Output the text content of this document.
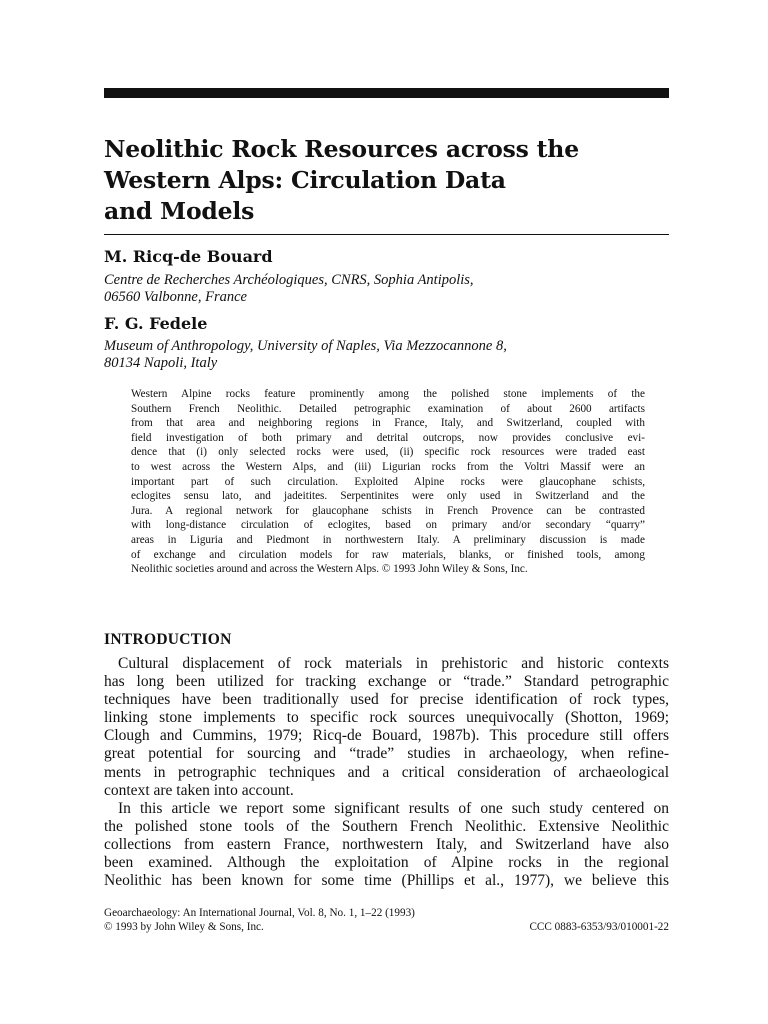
Neolithic Rock Resources across the
Western Alps: Circulation Data
and Models

M. Ricq-de Bouard

Centre de Recherches Archéologiques, CNRS, Sophia Antipolis,
06560 Valbonne, France

F. G. Fedele

Museum of Anthropology, University of Naples, Via Mezzocannone 8,
80134 Napoli, Italy

Western Alpine rocks feature prominently among the polished stone implements of the
Southern French Neolithic. Detailed petrographic examination of about 2600 artifacts
from that area and neighboring regions in France, Italy, and Switzerland, coupled with
field investigation of both primary and detrital outcrops, now provides conclusive evi-
dence that (i) only selected rocks were used, (ii) specific rock resources were traded east
to west across the Western Alps, and (iii) Ligurian rocks from the Voltri Massif were an
important part of such circulation. Exploited Alpine rocks were glaucophane schists,
eclogites sensu lato, and jadeitites. Serpentinites were only used in Switzerland and the
Jura. A regional network for glaucophane schists in French Provence can be contrasted
with long-distance circulation of eclogites, based on primary and/or secondary “quarry”
areas in Liguria and Piedmont in northwestern Italy. A preliminary discussion is made
of exchange and circulation models for raw materials, blanks, or finished tools, among
Neolithic societies around and across the Western Alps. © 1993 John Wiley & Sons, Inc.
INTRODUCTION
Cultural displacement of rock materials in prehistoric and historic contexts
has long been utilized for tracking exchange or “trade.” Standard petrographic
techniques have been traditionally used for precise identification of rock types,
linking stone implements to specific rock sources unequivocally (Shotton, 1969;
Clough and Cummins, 1979; Ricq-de Bouard, 1987b). This procedure still offers
great potential for sourcing and “trade” studies in archaeology, when refine-
ments in petrographic techniques and a critical consideration of archaeological
context are taken into account.
In this article we report some significant results of one such study centered on
the polished stone tools of the Southern French Neolithic. Extensive Neolithic
collections from eastern France, northwestern Italy, and Switzerland have also
been examined. Although the exploitation of Alpine rocks in the regional
Neolithic has been known for some time (Phillips et al., 1977), we believe this
Geoarchaeology: An International Journal, Vol. 8, No. 1, 1–22 (1993)
© 1993 by John Wiley & Sons, Inc.	CCC 0883-6353/93/010001-22
